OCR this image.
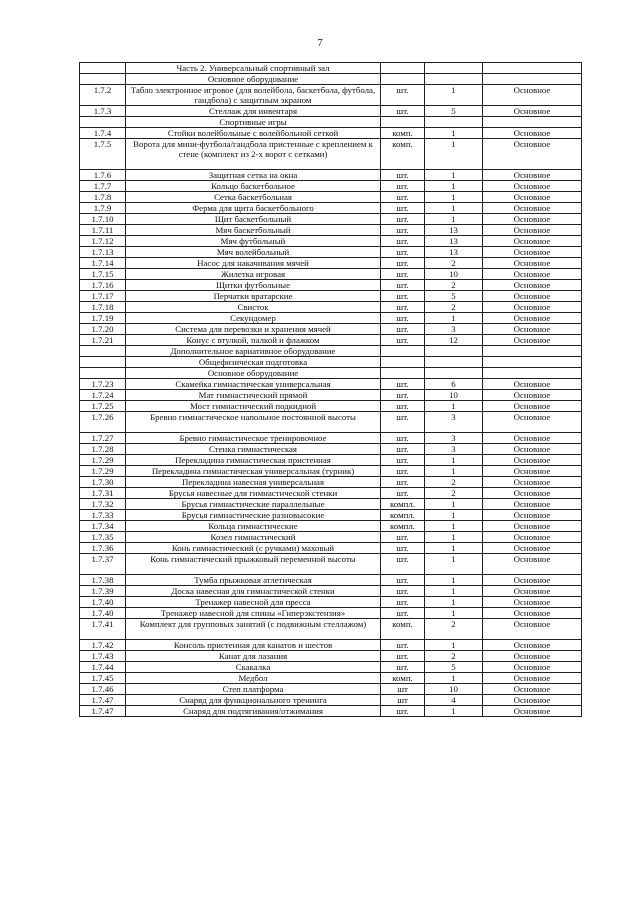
7
	Часть 2. Универсальный спортивный зал			
	Основное оборудование			
1.7.2	Табло электронное игровое (для волейбола, баскетбола, футбола, гандбола) с защитным экраном	шт.	1	Основное
1.7.3	Стеллаж для инвентаря	шт.	5	Основное
	Спортивные игры			
1.7.4	Стойки волейбольные с волейбольной сеткой	комп.	1	Основное
1.7.5	Ворота для мини-футбола/гандбола пристенные с креплением к стене (комплект из 2-х ворот с сетками)	комп.	1	Основное
1.7.6	Защитная сетка на окна	шт.	1	Основное
1.7.7	Кольцо баскетбольное	шт.	1	Основное
1.7.8	Сетка баскетбольная	шт.	1	Основное
1.7.9	Ферма для щита баскетбольного	шт.	1	Основное
1.7.10	Щит баскетбольный	шт.	1	Основное
1.7.11	Мяч баскетбольный	шт.	13	Основное
1.7.12	Мяч футбольный	шт.	13	Основное
1.7.13	Мяч волейбольный	шт.	13	Основное
1.7.14	Насос для накачивания мячей	шт.	2	Основное
1.7.15	Жилетка игровая	шт.	10	Основное
1.7.16	Щитки футбольные	шт.	2	Основное
1.7.17	Перчатки вратарские	шт.	5	Основное
1.7.18	Свисток	шт.	2	Основное
1.7.19	Секундомер	шт.	1	Основное
1.7.20	Система для перевозки и хранения мячей	шт.	3	Основное
1.7.21	Конус с втулкой, палкой и флажком	шт.	12	Основное
	Дополнительное вариативное оборудование			
	Общефизическая подготовка			
	Основное оборудование			
1.7.23	Скамейка гимнастическая универсальная	шт.	6	Основное
1.7.24	Мат гимнастический прямой	шт.	10	Основное
1.7.25	Мост гимнастический подкидной	шт.	1	Основное
1.7.26	Бревно гимнастическое напольное постоянной высоты	шт.	3	Основное
1.7.27	Бревно гимнастическое тренировочное	шт.	3	Основное
1.7.28	Стенка гимнастическая	шт.	3	Основное
1.7.29	Перекладина гимнастическая пристенная	шт.	1	Основное
1.7.29	Перекладина гимнастическая универсальная (турник)	шт.	1	Основное
1.7.30	Перекладина навесная универсальная	шт.	2	Основное
1.7.31	Брусья навесные для гимнастической стенки	шт.	2	Основное
1.7.32	Брусья гимнастические параллельные	компл.	1	Основное
1.7.33	Брусья гимнастические разновысокие	компл.	1	Основное
1.7.34	Кольца гимнастические	компл.	1	Основное
1.7.35	Козел гимнастический	шт.	1	Основное
1.7.36	Конь гимнастический (с ручками) маховый	шт.	1	Основное
1.7.37	Конь гимнастический прыжковый переменной высоты	шт.	1	Основное
1.7.38	Тумба прыжковая атлетическая	шт.	1	Основное
1.7.39	Доска навесная для гимнастической стенки	шт.	1	Основное
1.7.40	Тренажер навесной для пресса	шт.	1	Основное
1.7.40	Тренажер навесной для спины «Гиперэкстензия»	шт.	1	Основное
1.7.41	Комплект для групповых занятий (с подвижным стеллажом)	комп.	2	Основное
1.7.42	Консоль пристенная для канатов и шестов	шт.	1	Основное
1.7.43	Канат для лазания	шт.	2	Основное
1.7.44	Скакалка	шт.	5	Основное
1.7.45	Медбол	комп.	1	Основное
1.7.46	Степ платформа	шт	10	Основное
1.7.47	Снаряд для функционального тренинга	шт	4	Основное
1.7.47	Снаряд для подтягивания/отжимания	шт.	1	Основное
